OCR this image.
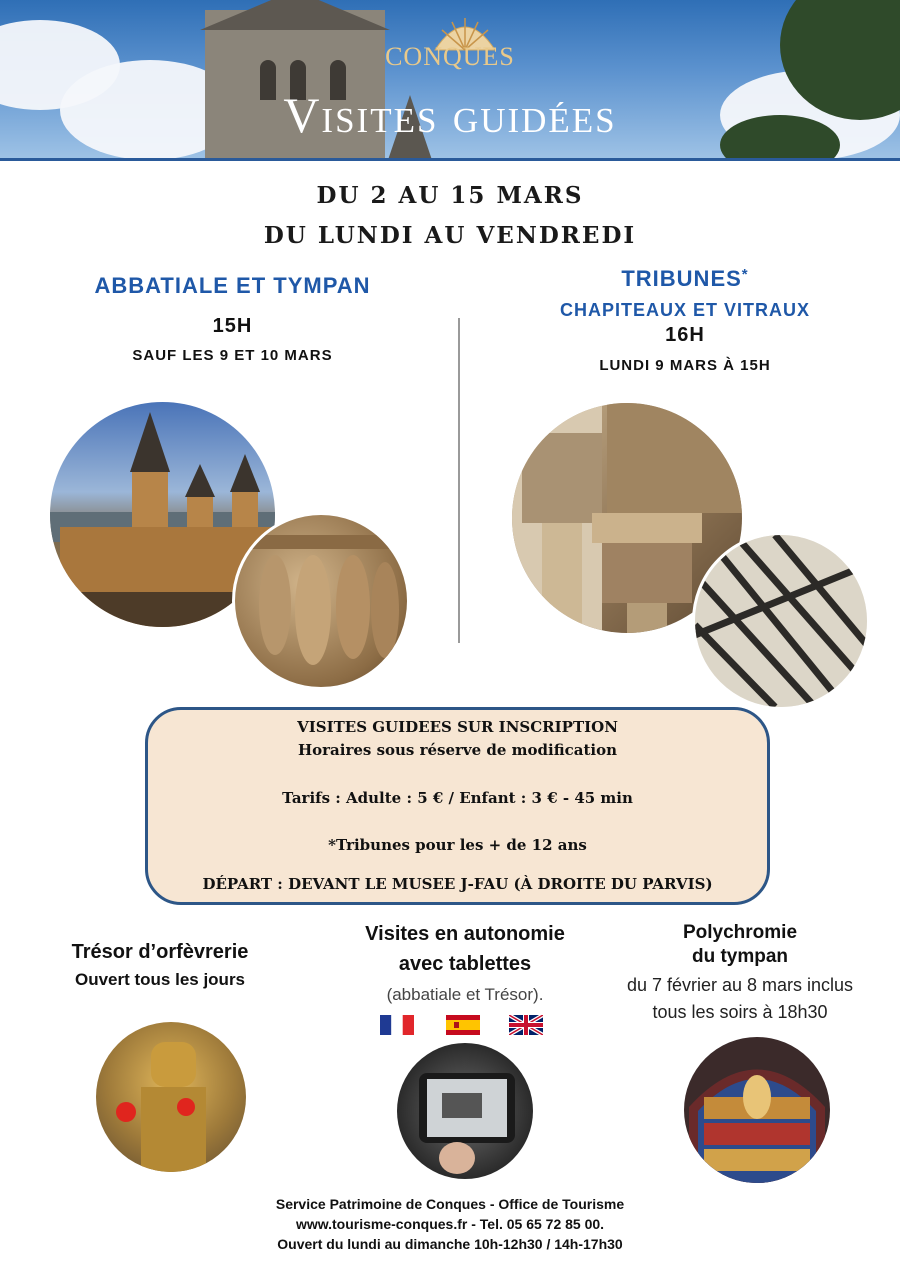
CONQUES
Visites guidées
DU 2 AU 15 MARS
DU LUNDI AU VENDREDI
ABBATIALE ET TYMPAN
15H
SAUF LES 9 ET 10 MARS
TRIBUNES*
CHAPITEAUX ET VITRAUX
16H
LUNDI 9 MARS À 15H
VISITES GUIDEES SUR INSCRIPTION
Horaires sous réserve de modification
Tarifs : Adulte : 5 € / Enfant : 3 € - 45 min
*Tribunes pour les + de 12 ans
DÉPART : DEVANT LE MUSEE J-FAU (À DROITE DU PARVIS)
Trésor d’orfèvrerie
Ouvert tous les jours
Visites en autonomie
avec tablettes
(abbatiale et Trésor).
Polychromie
du tympan
du 7 février au 8 mars inclus
tous les soirs à 18h30
Service Patrimoine de Conques - Office de Tourisme
www.tourisme-conques.fr - Tel. 05 65 72 85 00.
Ouvert du lundi au dimanche 10h-12h30 / 14h-17h30
